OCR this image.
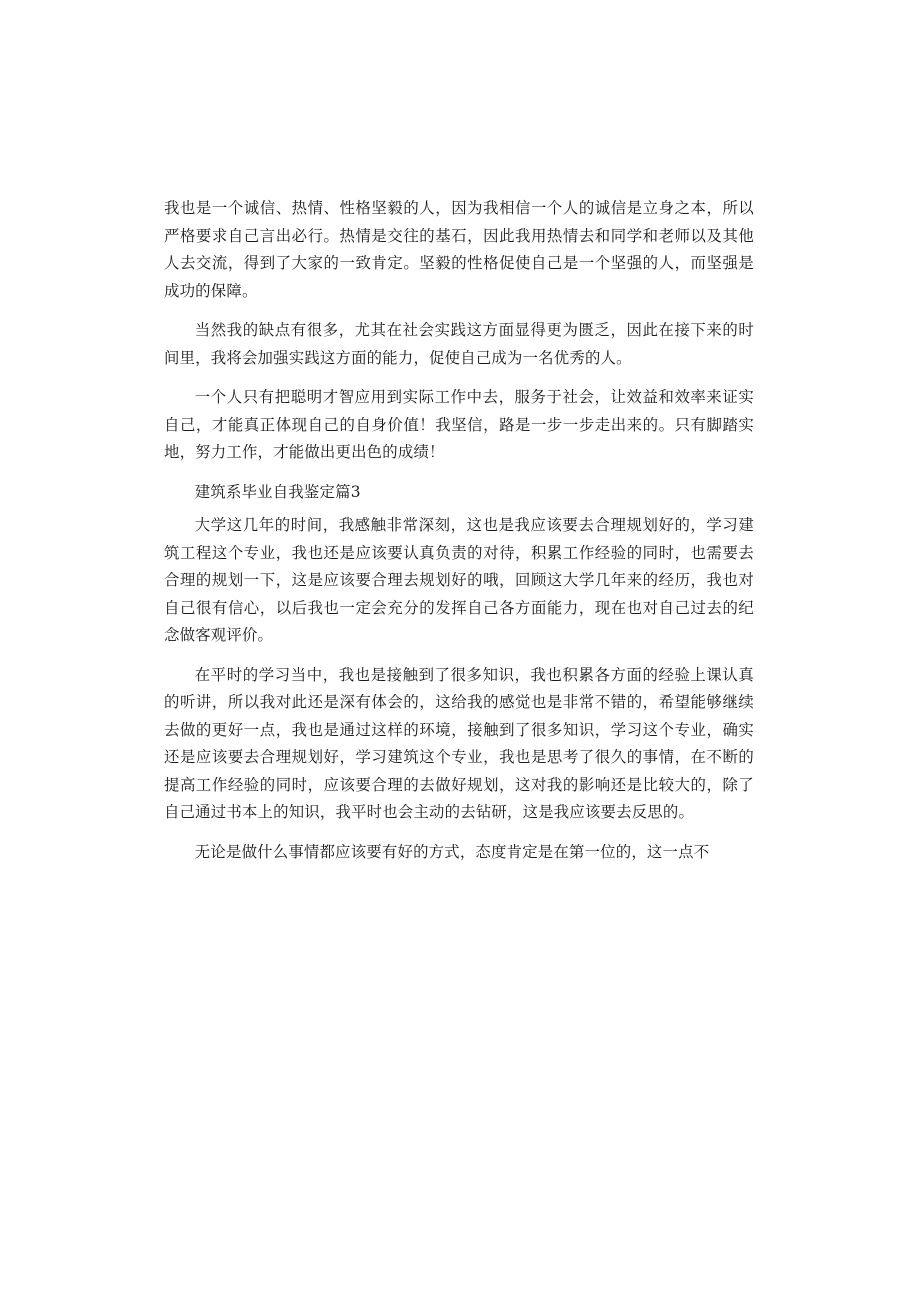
我也是一个诚信、热情、性格坚毅的人，因为我相信一个人的诚信是立身之本，所以严格要求自己言出必行。热情是交往的基石，因此我用热情去和同学和老师以及其他人去交流，得到了大家的一致肯定。坚毅的性格促使自己是一个坚强的人，而坚强是成功的保障。

当然我的缺点有很多，尤其在社会实践这方面显得更为匮乏，因此在接下来的时间里，我将会加强实践这方面的能力，促使自己成为一名优秀的人。

一个人只有把聪明才智应用到实际工作中去，服务于社会，让效益和效率来证实自己，才能真正体现自己的自身价值！我坚信，路是一步一步走出来的。只有脚踏实地，努力工作，才能做出更出色的成绩！

建筑系毕业自我鉴定篇3

大学这几年的时间，我感触非常深刻，这也是我应该要去合理规划好的，学习建筑工程这个专业，我也还是应该要认真负责的对待，积累工作经验的同时，也需要去合理的规划一下，这是应该要合理去规划好的哦，回顾这大学几年来的经历，我也对自己很有信心，以后我也一定会充分的发挥自己各方面能力，现在也对自己过去的纪念做客观评价。

在平时的学习当中，我也是接触到了很多知识，我也积累各方面的经验上课认真的听讲，所以我对此还是深有体会的，这给我的感觉也是非常不错的，希望能够继续去做的更好一点，我也是通过这样的环境，接触到了很多知识，学习这个专业，确实还是应该要去合理规划好，学习建筑这个专业，我也是思考了很久的事情，在不断的提高工作经验的同时，应该要合理的去做好规划，这对我的影响还是比较大的，除了自己通过书本上的知识，我平时也会主动的去钻研，这是我应该要去反思的。

无论是做什么事情都应该要有好的方式，态度肯定是在第一位的，这一点不
